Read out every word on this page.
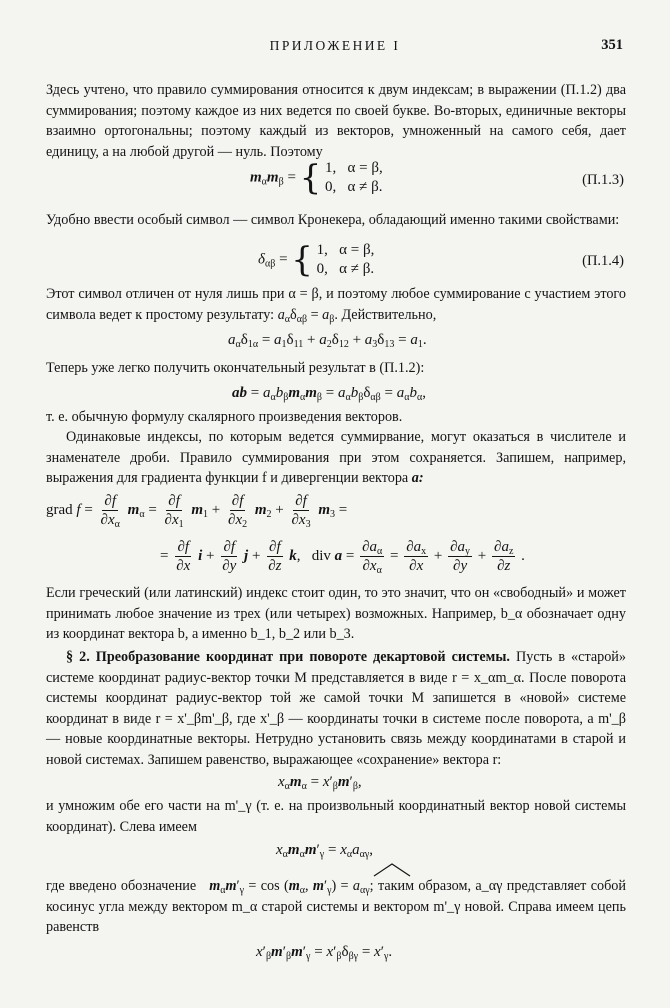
ПРИЛОЖЕНИЕ I	351

Здесь учтено, что правило суммирования относится к двум индексам; в выражении (П.1.2) два суммирования; поэтому каждое из них ведется по своей букве. Во-вторых, единичные векторы взаимно ортогональны; поэтому каждый из векторов, умноженный на самого себя, дает единицу, а на любой другой — нуль. Поэтому

$m_\alpha m_\beta$ = { 1, α = β,
0, α ≠ β.	(П.1.3)

Удобно ввести особый символ — символ Кронекера, обладающий именно такими свойствами:

$\delta_{\alpha\beta}$ = { 1, α = β,
0, α ≠ β.	(П.1.4)

Этот символ отличен от нуля лишь при α = β, и поэтому любое суммирование с участием этого символа ведет к простому результату: $a_\alpha\delta_{\alpha\beta} = a_\beta$. Действительно,

$a_\alpha\delta_{1\alpha} = a_1\delta_{11} + a_2\delta_{12} + a_3\delta_{13} = a_1$.

Теперь уже легко получить окончательный результат в (П.1.2):

ab = $a_\alpha b_\beta m_\alpha m_\beta = a_\alpha b_\beta\delta_{\alpha\beta} = a_\alpha b_\alpha$,

т. е. обычную формулу скалярного произведения векторов.

Одинаковые индексы, по которым ведется суммирвание, могут оказаться в числителе и знаменателе дроби. Правило суммирования при этом сохраняется. Запишем, например, выражения для градиента функции f и дивергенции вектора a:

grad $f = \frac{\partial f}{\partial x_\alpha} m_\alpha = \frac{\partial f}{\partial x_1} m_1 + \frac{\partial f}{\partial x_2} m_2 + \frac{\partial f}{\partial x_3} m_3$ =
= $\frac{\partial f}{\partial x}$ $i + \frac{\partial f}{\partial y}$ $j + \frac{\partial f}{\partial z} k$,   div $a = \frac{\partial a_\alpha}{\partial x_\alpha} = \frac{\partial a_x}{\partial x} + \frac{\partial a_y}{\partial y} + \frac{\partial a_z}{\partial z}$ .

Если греческий (или латинский) индекс стоит один, то это значит, что он «свободный» и может принимать любое значение из трех (или четырех) возможных. Например, b_α обозначает одну из координат вектора b, а именно b_1, b_2 или b_3.

§ 2. Преобразование координат при повороте декартовой системы. Пусть в «старой» системе координат радиус-вектор точки M представляется в виде r = x_αm_α. После поворота системы координат радиус-вектор той же самой точки M запишется в «новой» системе координат в виде r = x'_βm'_β, где x'_β — координаты точки в системе после поворота, а m'_β — новые координатные векторы. Нетрудно установить связь между координатами в старой и новой системах. Запишем равенство, выражающее «сохранение» вектора r:

$x_\alpha m_\alpha = x'_\beta m'_\beta$,

и умножим обе его части на m'_γ (т. е. на произвольный координатный вектор новой системы координат). Слева имеем

$x_\alpha m_\alpha m'_\gamma = x_\alpha a_{\alpha\gamma}$,

где введено обозначение $m_\alpha m'_\gamma = \cos (m_\alpha$, $m'_\gamma) = a_{\alpha\gamma}$; таким образом, a_αγ представляет собой косинус угла между вектором m_α старой системы и вектором m'_γ новой. Справа имеем цепь равенств

$x'_\beta m'_\beta m'_\gamma = x'_\beta\delta_{\beta\gamma} = x'_\gamma$.
